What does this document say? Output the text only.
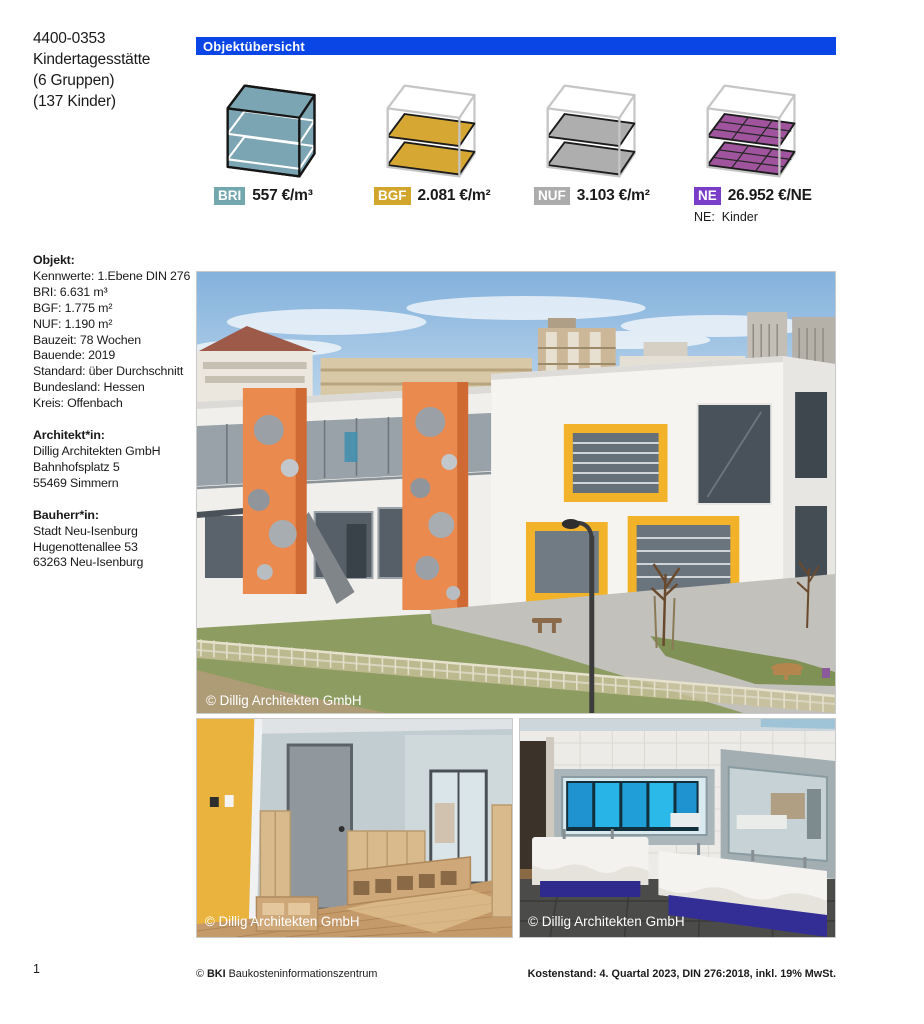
4400-0353
Kindertagesstätte
(6 Gruppen)
(137 Kinder)
Objektübersicht
BRI 557 €/m³	BGF 2.081 €/m²	NUF 3.103 €/m²	NE 26.952 €/NE
NE:  Kinder
Objekt:
Kennwerte: 1.Ebene DIN 276
BRI: 6.631 m³
BGF: 1.775 m²
NUF: 1.190 m²
Bauzeit: 78 Wochen
Bauende: 2019
Standard: über Durchschnitt
Bundesland: Hessen
Kreis: Offenbach
Architekt*in:
Dillig Architekten GmbH
Bahnhofsplatz 5
55469 Simmern
Bauherr*in:
Stadt Neu-Isenburg
Hugenottenallee 53
63263 Neu-Isenburg
© Dillig Architekten GmbH
© Dillig Architekten GmbH	© Dillig Architekten GmbH
1	© BKI Baukosteninformationszentrum	Kostenstand: 4. Quartal 2023, DIN 276:2018, inkl. 19% MwSt.
